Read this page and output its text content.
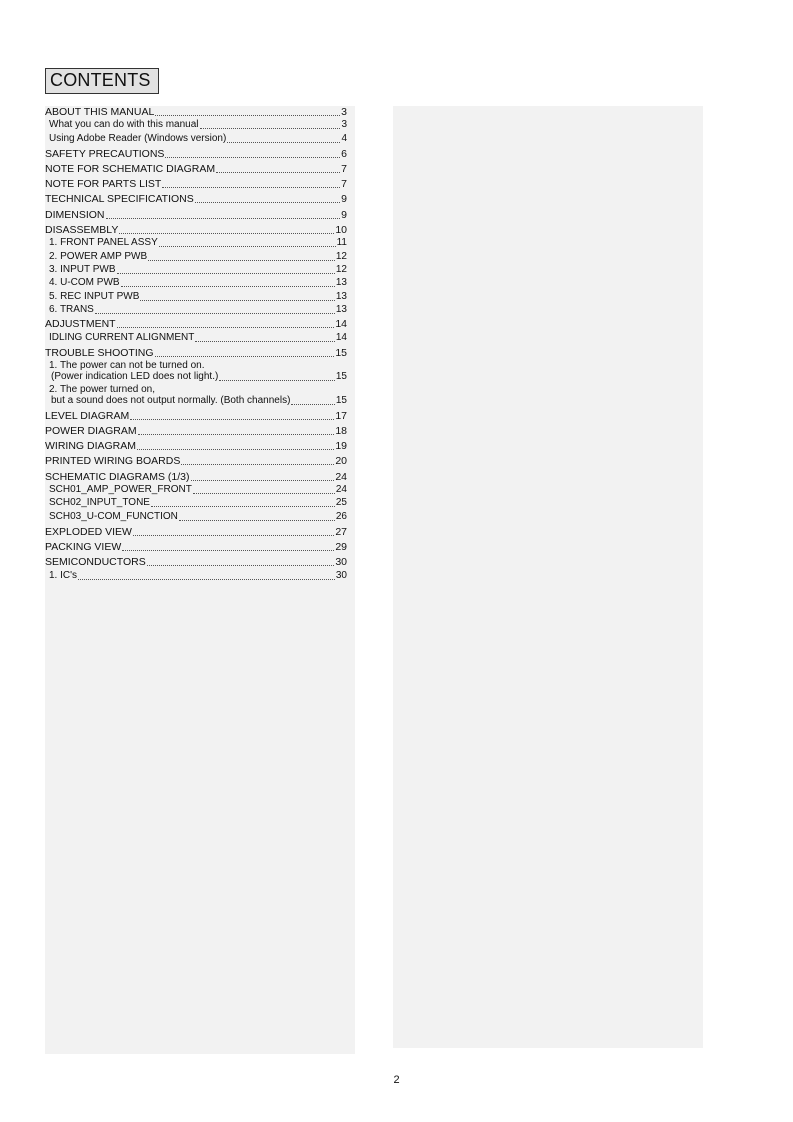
CONTENTS
ABOUT THIS MANUAL	3
What you can do with this manual	3
Using Adobe Reader (Windows version)	4
SAFETY PRECAUTIONS	6
NOTE FOR SCHEMATIC DIAGRAM	7
NOTE FOR PARTS LIST	7
TECHNICAL SPECIFICATIONS	9
DIMENSION	9
DISASSEMBLY	10
1. FRONT PANEL ASSY	11
2. POWER AMP PWB	12
3. INPUT PWB	12
4. U-COM PWB	13
5. REC INPUT PWB	13
6. TRANS	13
ADJUSTMENT	14
IDLING CURRENT ALIGNMENT	14
TROUBLE SHOOTING	15
1. The power can not be turned on.
(Power indication LED does not light.)	15
2. The power turned on,
but a sound does not output normally. (Both channels)	15
LEVEL DIAGRAM	17
POWER DIAGRAM	18
WIRING DIAGRAM	19
PRINTED WIRING BOARDS	20
SCHEMATIC DIAGRAMS (1/3)	24
SCH01_AMP_POWER_FRONT	24
SCH02_INPUT_TONE	25
SCH03_U-COM_FUNCTION	26
EXPLODED VIEW	27
PACKING VIEW	29
SEMICONDUCTORS	30
1. IC's	30
2
